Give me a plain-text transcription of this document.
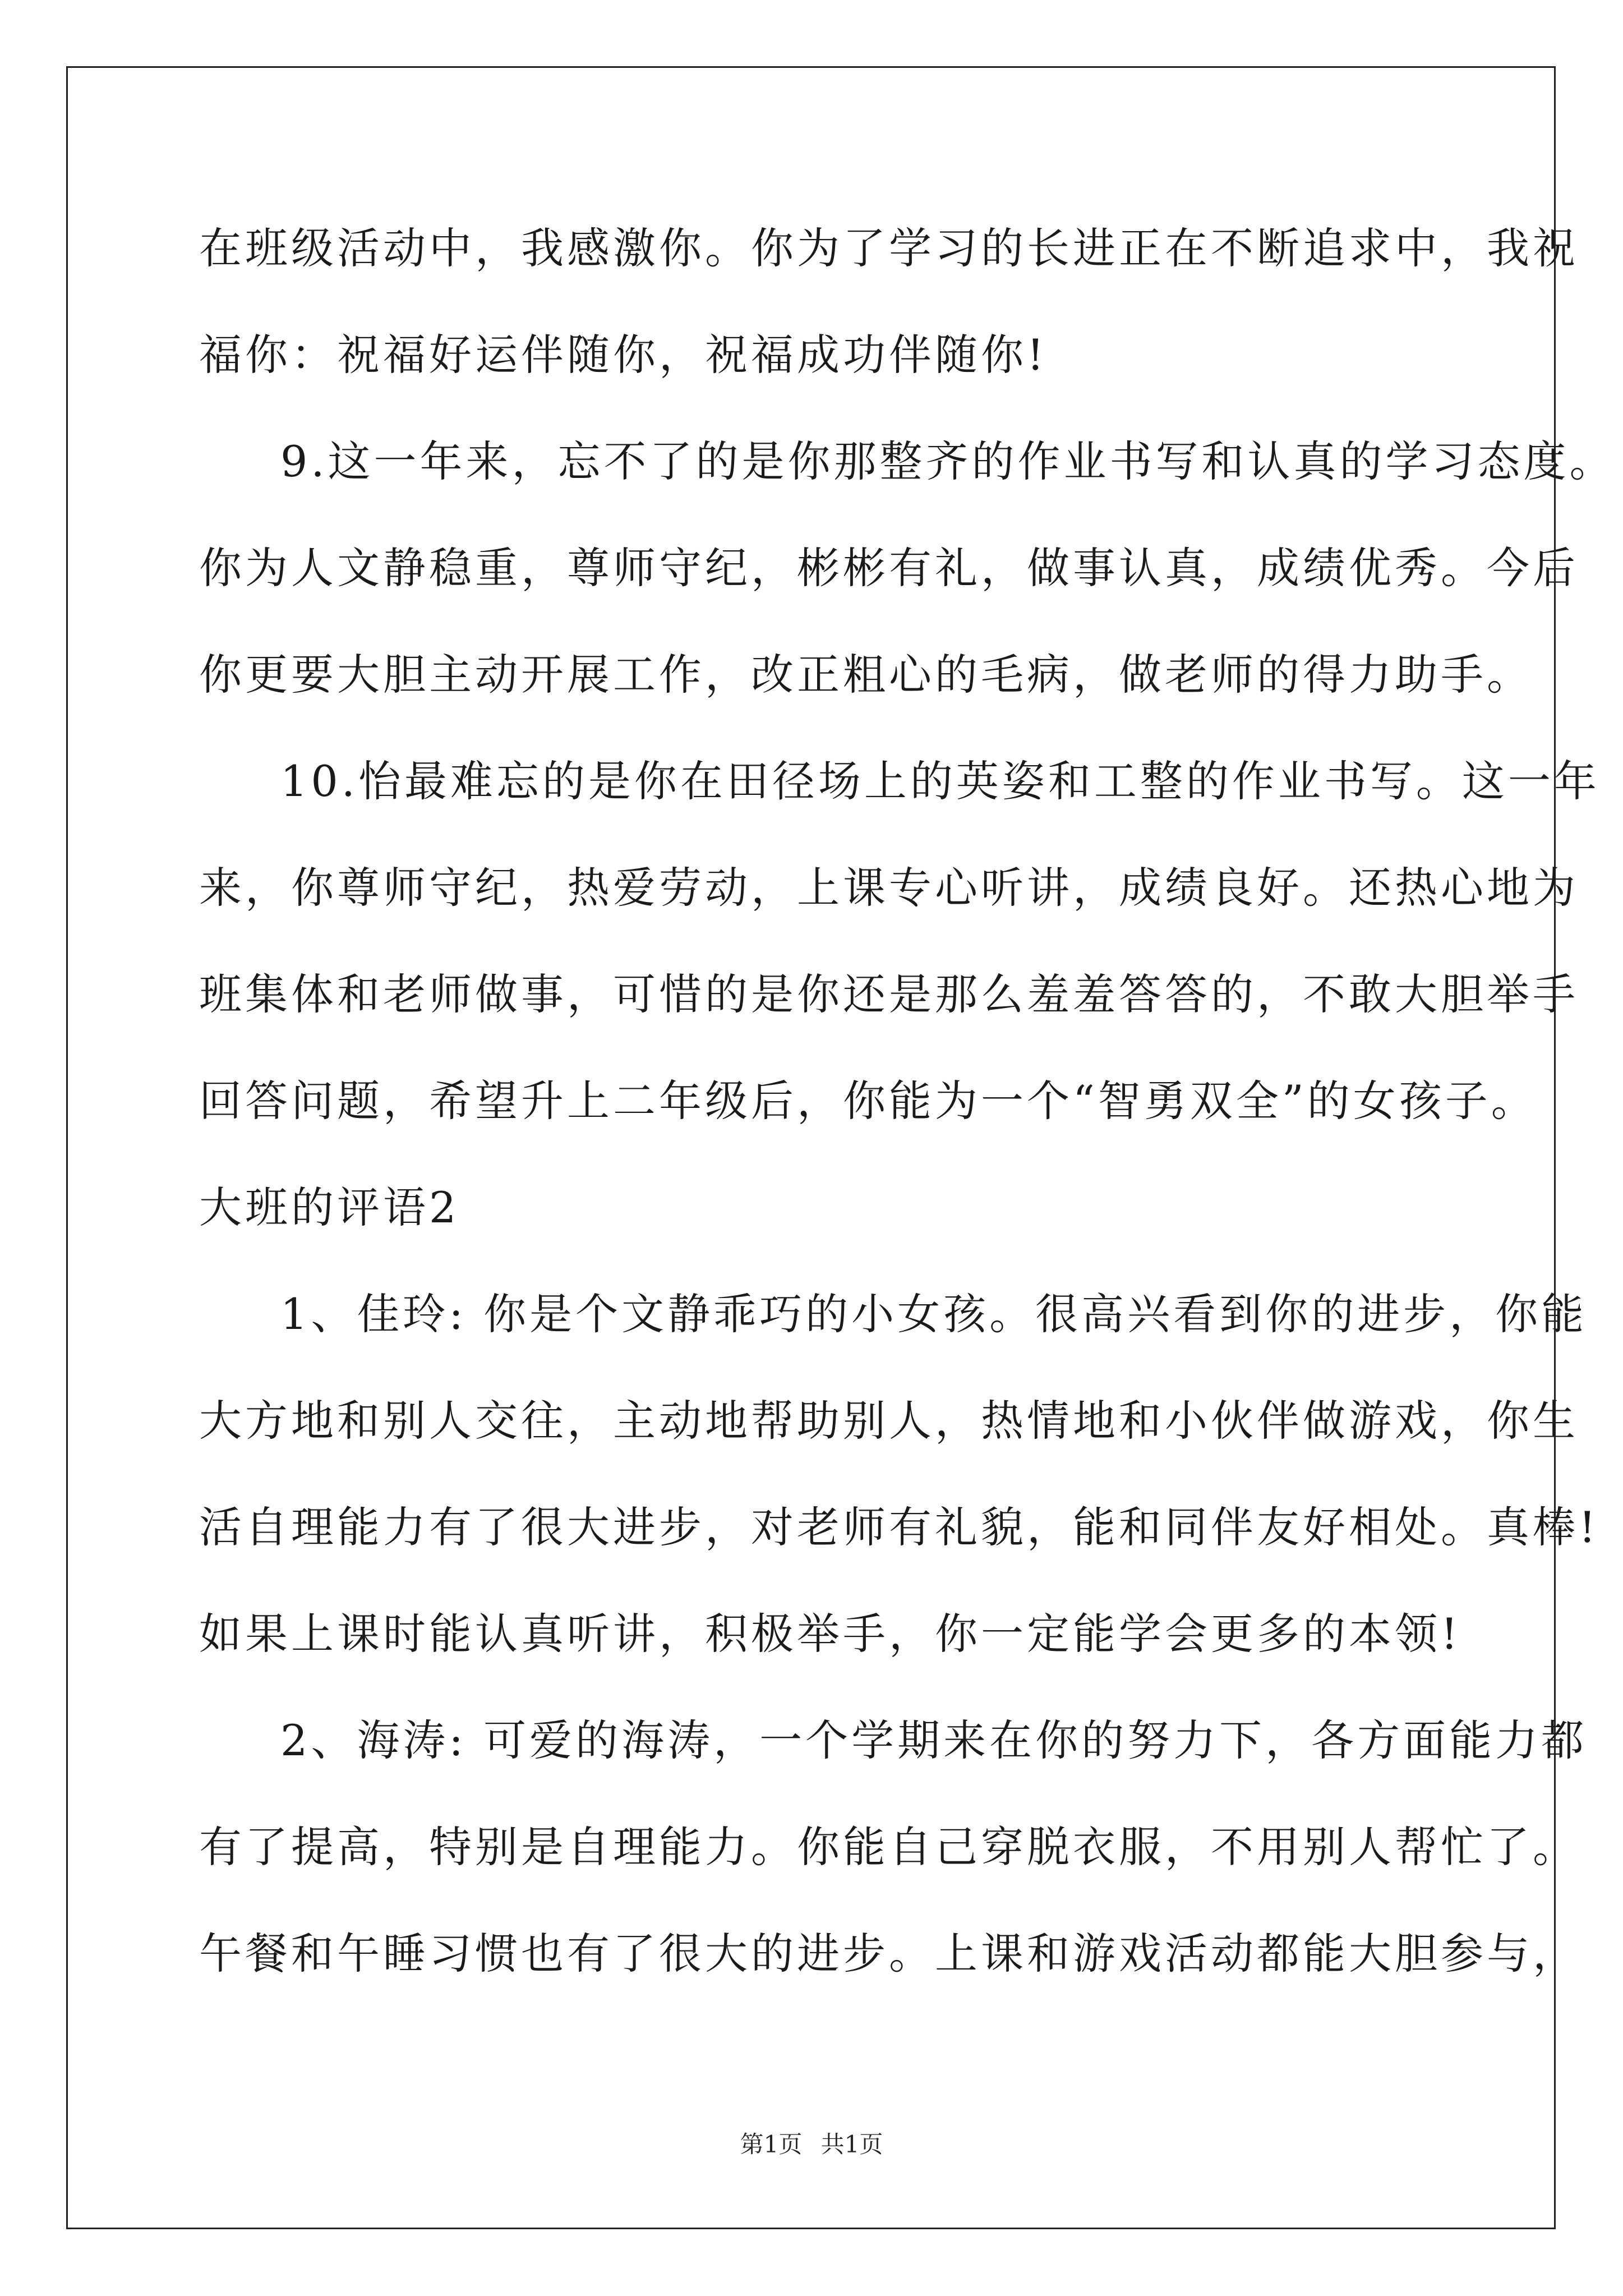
在班级活动中，我感激你。你为了学习的长进正在不断追求中，我祝
福你：祝福好运伴随你，祝福成功伴随你!
9.这一年来，忘不了的是你那整齐的作业书写和认真的学习态度。
你为人文静稳重，尊师守纪，彬彬有礼，做事认真，成绩优秀。今后
你更要大胆主动开展工作，改正粗心的毛病，做老师的得力助手。
10.怡最难忘的是你在田径场上的英姿和工整的作业书写。这一年
来，你尊师守纪，热爱劳动，上课专心听讲，成绩良好。还热心地为
班集体和老师做事，可惜的是你还是那么羞羞答答的，不敢大胆举手
回答问题，希望升上二年级后，你能为一个“智勇双全”的女孩子。
大班的评语2
1、佳玲: 你是个文静乖巧的小女孩。很高兴看到你的进步，你能
大方地和别人交往，主动地帮助别人，热情地和小伙伴做游戏，你生
活自理能力有了很大进步，对老师有礼貌，能和同伴友好相处。真棒!
如果上课时能认真听讲，积极举手，你一定能学会更多的本领!
2、海涛: 可爱的海涛，一个学期来在你的努力下，各方面能力都
有了提高，特别是自理能力。你能自己穿脱衣服，不用别人帮忙了。
午餐和午睡习惯也有了很大的进步。上课和游戏活动都能大胆参与，
第1页 共1页
